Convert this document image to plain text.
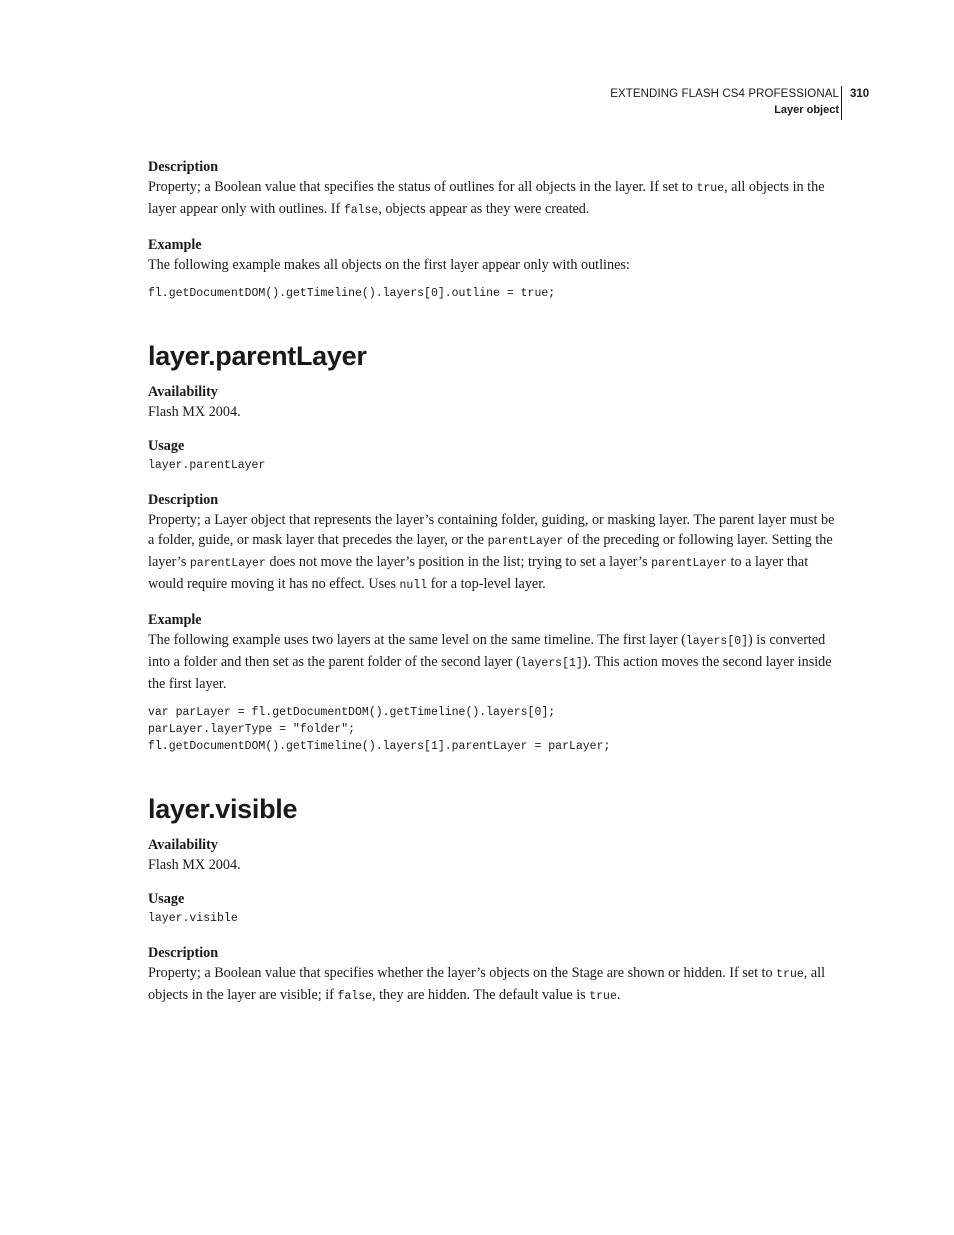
EXTENDING FLASH CS4 PROFESSIONAL
Layer object
310

Description

Property; a Boolean value that specifies the status of outlines for all objects in the layer. If set to true, all objects in the layer appear only with outlines. If false, objects appear as they were created.

Example

The following example makes all objects on the first layer appear only with outlines:

fl.getDocumentDOM().getTimeline().layers[0].outline = true;
layer.parentLayer

Availability

Flash MX 2004.

Usage

layer.parentLayer

Description

Property; a Layer object that represents the layer’s containing folder, guiding, or masking layer. The parent layer must be a folder, guide, or mask layer that precedes the layer, or the parentLayer of the preceding or following layer. Setting the layer’s parentLayer does not move the layer’s position in the list; trying to set a layer’s parentLayer to a layer that would require moving it has no effect. Uses null for a top-level layer.

Example

The following example uses two layers at the same level on the same timeline. The first layer (layers[0]) is converted into a folder and then set as the parent folder of the second layer (layers[1]). This action moves the second layer inside the first layer.

var parLayer = fl.getDocumentDOM().getTimeline().layers[0];
parLayer.layerType = "folder";
fl.getDocumentDOM().getTimeline().layers[1].parentLayer = parLayer;
layer.visible

Availability

Flash MX 2004.

Usage

layer.visible

Description

Property; a Boolean value that specifies whether the layer’s objects on the Stage are shown or hidden. If set to true, all objects in the layer are visible; if false, they are hidden. The default value is true.
